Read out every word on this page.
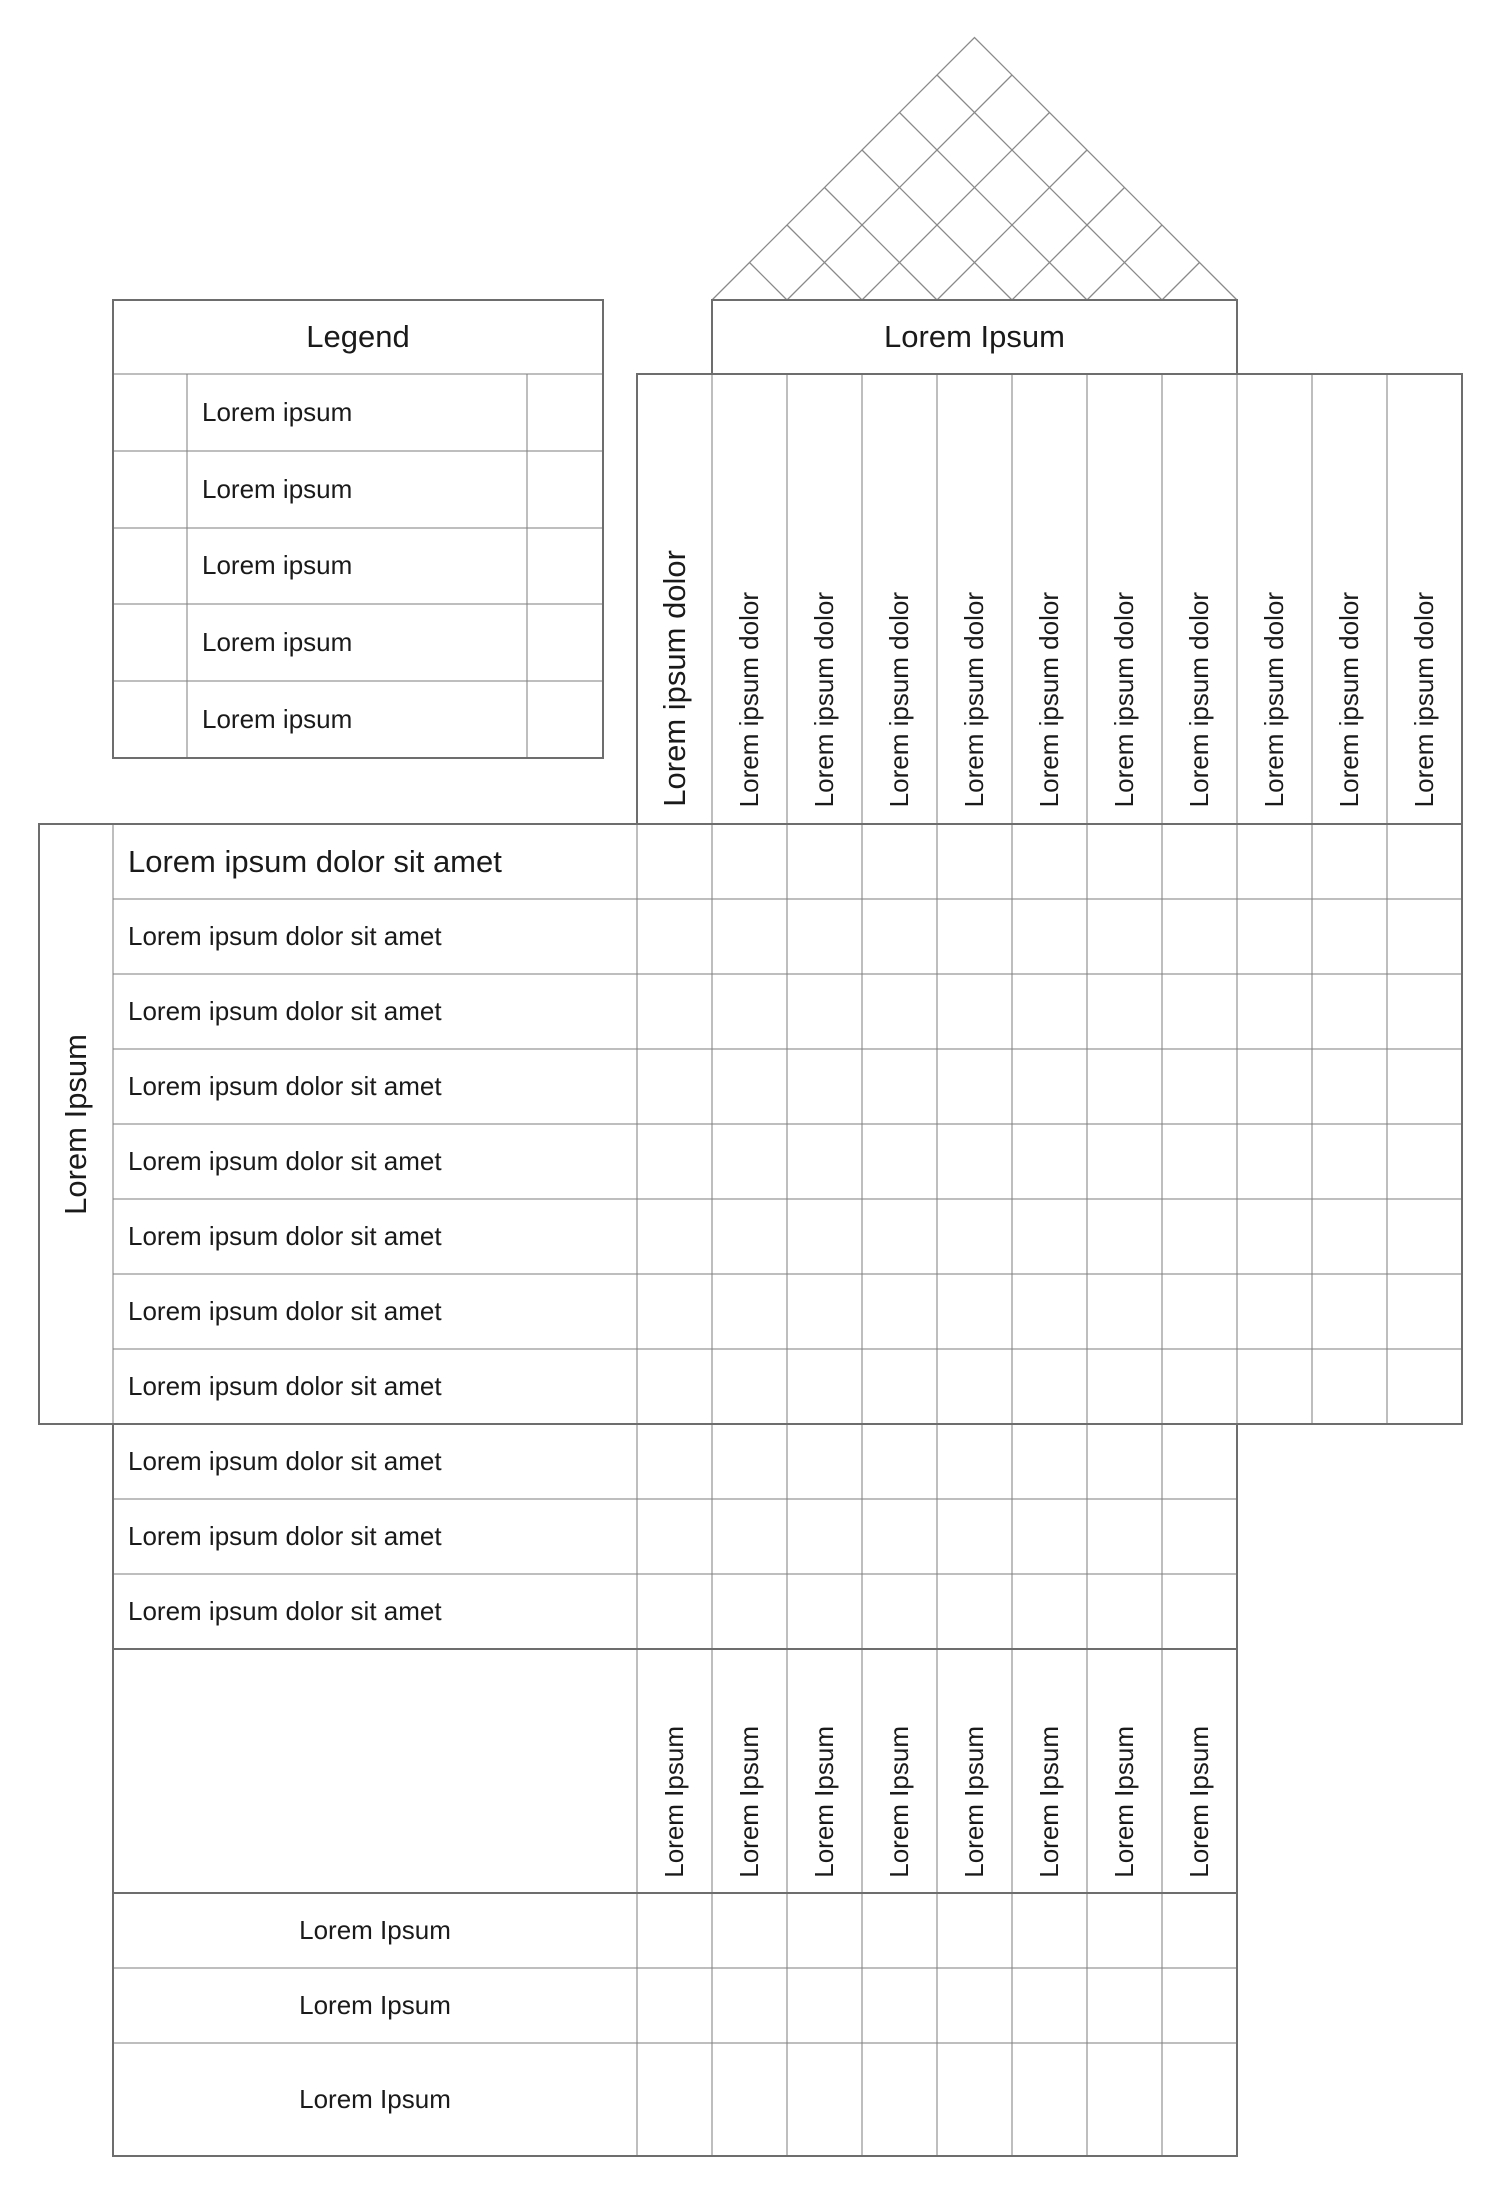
Legend
Lorem ipsum
Lorem ipsum
Lorem ipsum
Lorem ipsum
Lorem ipsum
Lorem Ipsum
Lorem ipsum dolor Lorem ipsum dolor Lorem ipsum dolor Lorem ipsum dolor Lorem ipsum dolor Lorem ipsum dolor Lorem ipsum dolor Lorem ipsum dolor Lorem ipsum dolor Lorem ipsum dolor Lorem ipsum dolor
Lorem Ipsum
Lorem ipsum dolor sit amet
Lorem ipsum dolor sit amet
Lorem ipsum dolor sit amet
Lorem ipsum dolor sit amet
Lorem ipsum dolor sit amet
Lorem ipsum dolor sit amet
Lorem ipsum dolor sit amet
Lorem ipsum dolor sit amet
Lorem ipsum dolor sit amet
Lorem ipsum dolor sit amet
Lorem ipsum dolor sit amet
Lorem Ipsum Lorem Ipsum Lorem Ipsum Lorem Ipsum Lorem Ipsum Lorem Ipsum Lorem Ipsum Lorem Ipsum
Lorem Ipsum
Lorem Ipsum
Lorem Ipsum
